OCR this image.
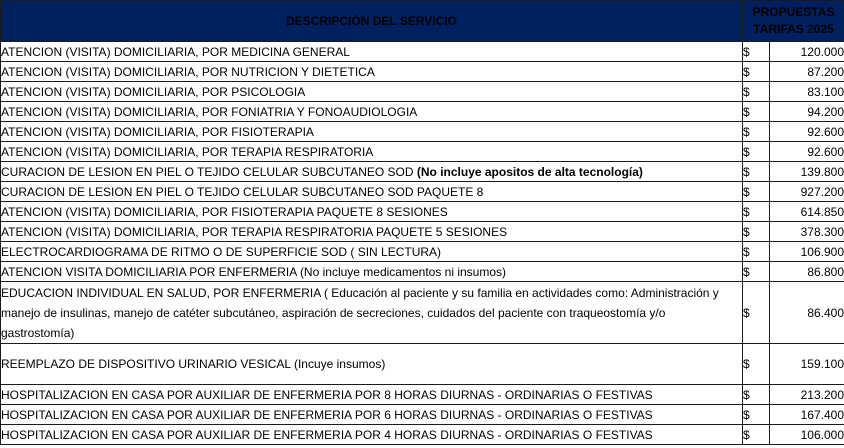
DESCRIPCIÓN DEL SERVICIO	PROPUESTAS
TARIFAS 2025	
ATENCION (VISITA) DOMICILIARIA, POR MEDICINA GENERAL	$	120.000
ATENCION (VISITA) DOMICILIARIA, POR NUTRICION Y DIETETICA	$	87.200
ATENCION (VISITA) DOMICILIARIA, POR PSICOLOGIA	$	83.100
ATENCION (VISITA) DOMICILIARIA, POR FONIATRIA Y FONOAUDIOLOGIA	$	94.200
ATENCION (VISITA) DOMICILIARIA, POR FISIOTERAPIA	$	92.600
ATENCION (VISITA) DOMICILIARIA, POR TERAPIA RESPIRATORIA	$	92.600
CURACION DE LESION EN PIEL O TEJIDO CELULAR SUBCUTANEO SOD (No incluye apositos de alta tecnología)	$	139.800
CURACION DE LESION EN PIEL O TEJIDO CELULAR SUBCUTANEO SOD PAQUETE 8	$	927.200
ATENCION (VISITA) DOMICILIARIA, POR FISIOTERAPIA PAQUETE 8 SESIONES	$	614.850
ATENCION (VISITA) DOMICILIARIA, POR TERAPIA RESPIRATORIA PAQUETE 5 SESIONES	$	378.300
ELECTROCARDIOGRAMA DE RITMO O DE SUPERFICIE SOD ( SIN LECTURA)	$	106.900
ATENCION VISITA DOMICILIARIA POR ENFERMERIA (No incluye medicamentos ni insumos)	$	86.800
EDUCACION INDIVIDUAL EN SALUD, POR ENFERMERIA ( Educación al paciente y su familia en actividades como: Administración y manejo de insulinas, manejo de catéter subcutáneo, aspiración de secreciones, cuidados del paciente con traqueostomía y/o gastrostomía)	$	86.400
REEMPLAZO DE DISPOSITIVO URINARIO VESICAL (Incuye insumos)	$	159.100
HOSPITALIZACION EN CASA POR AUXILIAR DE ENFERMERIA POR 8 HORAS DIURNAS - ORDINARIAS O FESTIVAS	$	213.200
HOSPITALIZACION EN CASA POR AUXILIAR DE ENFERMERIA POR 6 HORAS DIURNAS - ORDINARIAS O FESTIVAS	$	167.400
HOSPITALIZACION EN CASA POR AUXILIAR DE ENFERMERIA POR 4 HORAS DIURNAS - ORDINARIAS O FESTIVAS	$	106.000
